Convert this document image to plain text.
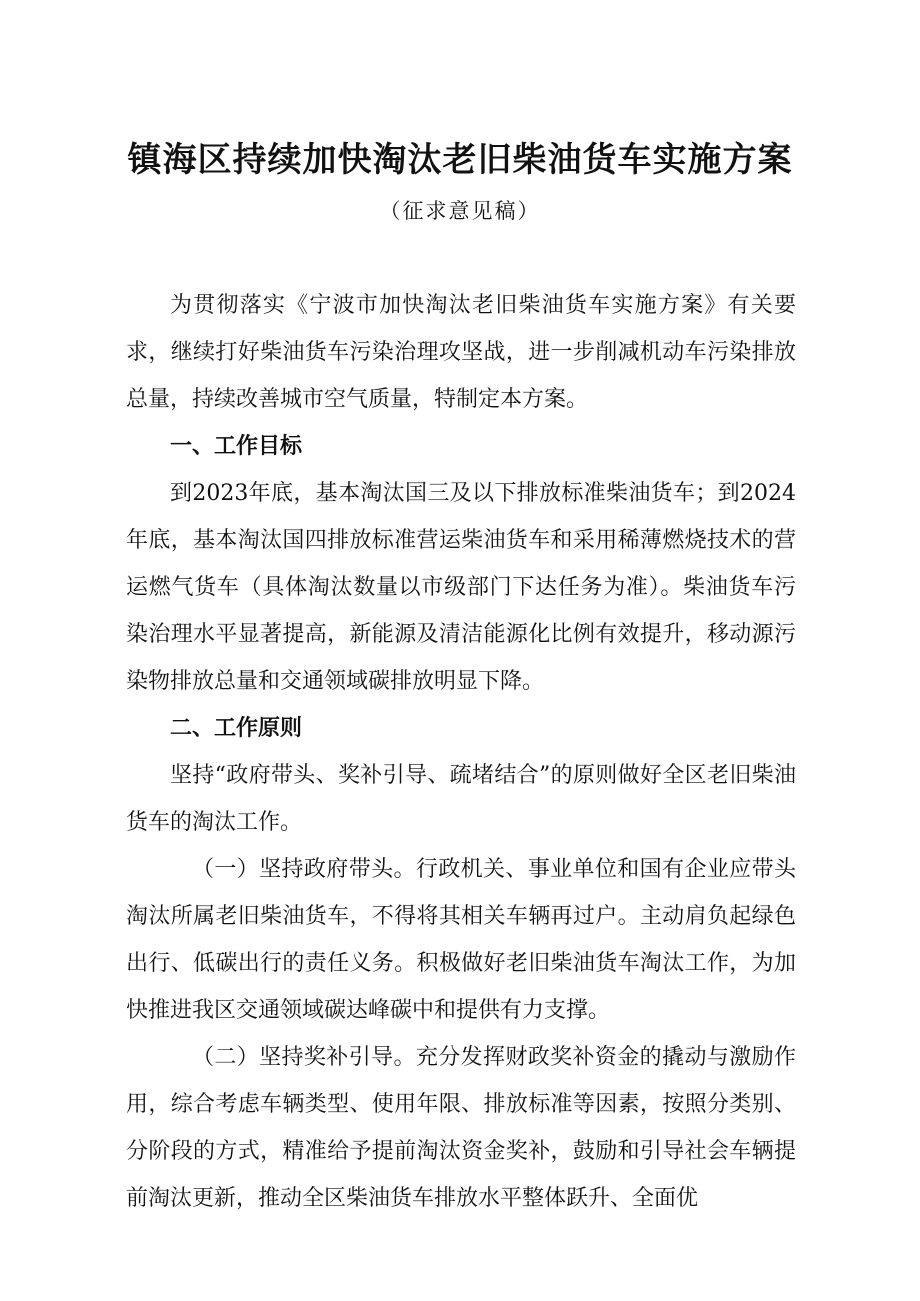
镇海区持续加快淘汰老旧柴油货车实施方案
（征求意见稿）

为贯彻落实《宁波市加快淘汰老旧柴油货车实施方案》有关要求，继续打好柴油货车污染治理攻坚战，进一步削减机动车污染排放总量，持续改善城市空气质量，特制定本方案。

一、工作目标

到2023年底，基本淘汰国三及以下排放标准柴油货车；到2024年底，基本淘汰国四排放标准营运柴油货车和采用稀薄燃烧技术的营运燃气货车（具体淘汰数量以市级部门下达任务为准）。柴油货车污染治理水平显著提高，新能源及清洁能源化比例有效提升，移动源污染物排放总量和交通领域碳排放明显下降。

二、工作原则

坚持“政府带头、奖补引导、疏堵结合”的原则做好全区老旧柴油货车的淘汰工作。

（一）坚持政府带头。行政机关、事业单位和国有企业应带头淘汰所属老旧柴油货车，不得将其相关车辆再过户。主动肩负起绿色出行、低碳出行的责任义务。积极做好老旧柴油货车淘汰工作，为加快推进我区交通领域碳达峰碳中和提供有力支撑。

（二）坚持奖补引导。充分发挥财政奖补资金的撬动与激励作用，综合考虑车辆类型、使用年限、排放标准等因素，按照分类别、分阶段的方式，精准给予提前淘汰资金奖补，鼓励和引导社会车辆提前淘汰更新，推动全区柴油货车排放水平整体跃升、全面优
